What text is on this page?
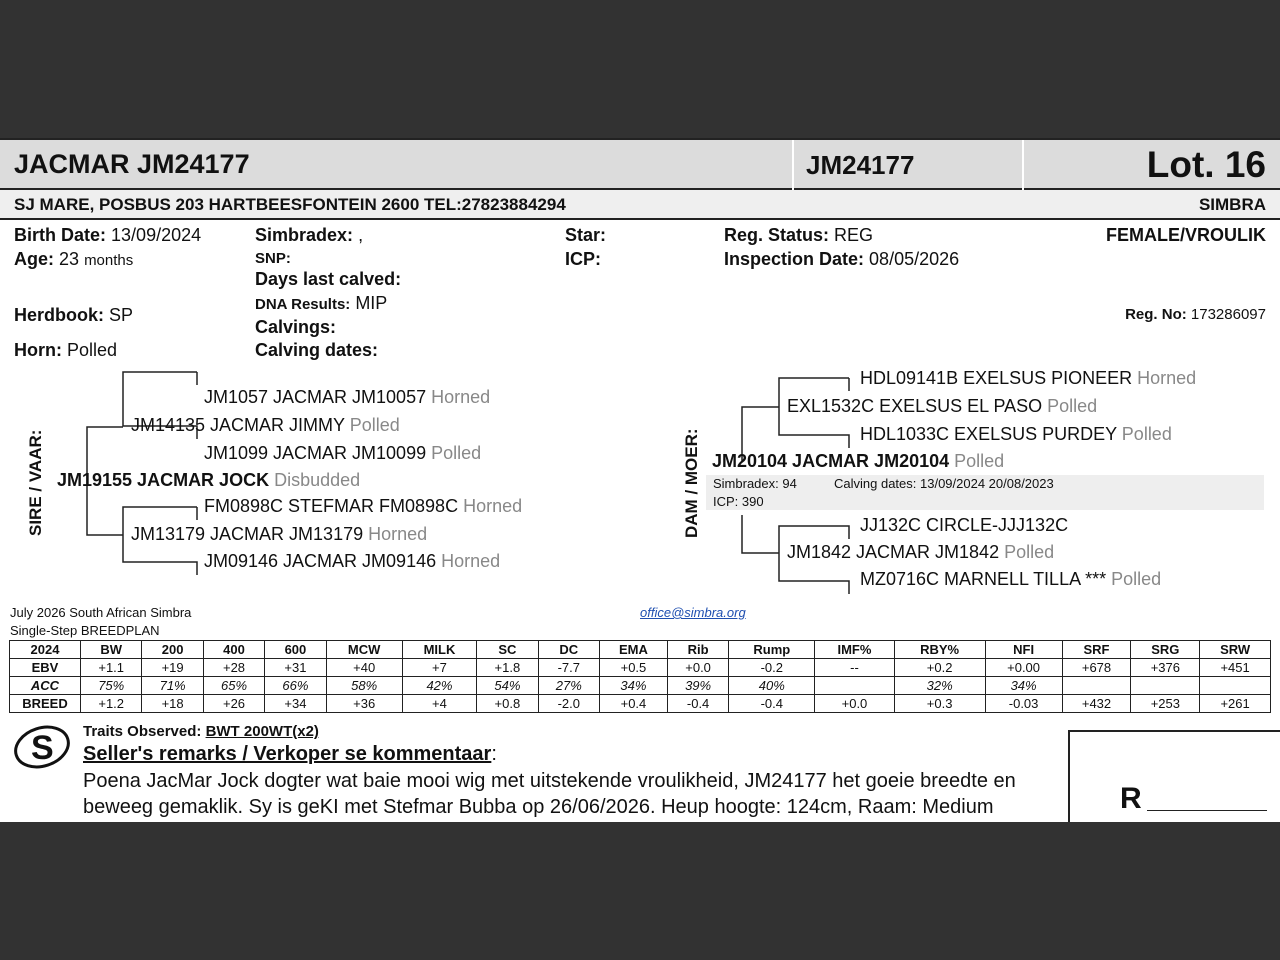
JACMAR JM24177	JM24177	Lot. 16
SJ MARE, POSBUS 203 HARTBEESFONTEIN 2600 TEL:27823884294	SIMBRA
Birth Date: 13/09/2024
Age: 23 months
Herdbook: SP
Horn: Polled
Simbradex: ,
SNP:
Days last calved:
DNA Results: MIP
Calvings:
Calving dates:
Star:
ICP:
Reg. Status: REG
Inspection Date: 08/05/2026
FEMALE/VROULIK
Reg. No: 173286097
SIRE / VAAR:
JM1057 JACMAR JM10057 Horned
JM14135 JACMAR JIMMY Polled
JM1099 JACMAR JM10099 Polled
JM19155 JACMAR JOCK Disbudded
FM0898C STEFMAR FM0898C Horned
JM13179 JACMAR JM13179 Horned
JM09146 JACMAR JM09146 Horned
DAM / MOER:
HDL09141B EXELSUS PIONEER Horned
EXL1532C EXELSUS EL PASO Polled
HDL1033C EXELSUS PURDEY Polled
JM20104 JACMAR JM20104 Polled
Simbradex: 94	Calving dates: 13/09/2024 20/08/2023
ICP: 390
JJ132C CIRCLE-JJJ132C
JM1842 JACMAR JM1842 Polled
MZ0716C MARNELL TILLA *** Polled
July 2026 South African Simbra
Single-Step BREEDPLAN
office@simbra.org
2024	BW	200	400	600	MCW	MILK	SC	DC	EMA	Rib	Rump	IMF%	RBY%	NFI	SRF	SRG	SRW
EBV	+1.1	+19	+28	+31	+40	+7	+1.8	-7.7	+0.5	+0.0	-0.2	--	+0.2	+0.00	+678	+376	+451
ACC	75%	71%	65%	66%	58%	42%	54%	27%	34%	39%	40%		32%	34%			
BREED	+1.2	+18	+26	+34	+36	+4	+0.8	-2.0	+0.4	-0.4	-0.4	+0.0	+0.3	-0.03	+432	+253	+261
S Traits Observed: BWT 200WT(x2)
Seller's remarks / Verkoper se kommentaar:
Poena JacMar Jock dogter wat baie mooi wig met uitstekende vroulikheid, JM24177 het goeie breedte en
beweeg gemaklik. Sy is geKI met Stefmar Bubba op 26/06/2026. Heup hoogte: 124cm, Raam: Medium	R
